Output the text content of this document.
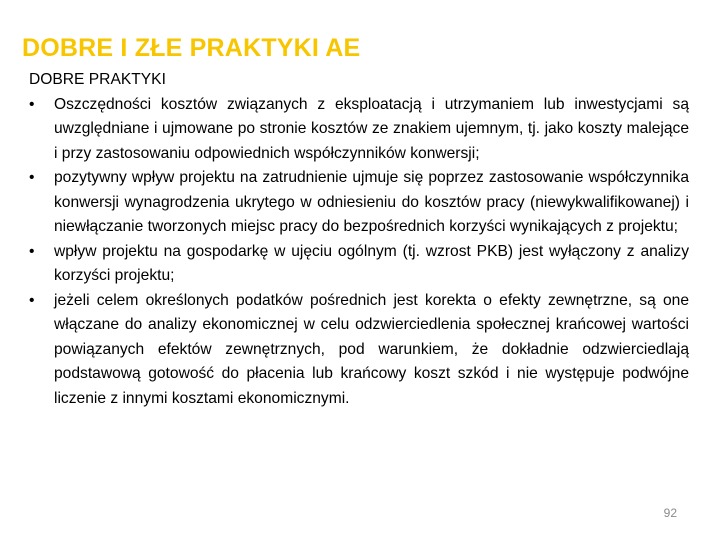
DOBRE I ZŁE PRAKTYKI AE

DOBRE PRAKTYKI

•	Oszczędności kosztów związanych z eksploatacją i utrzymaniem lub inwestycjami są uwzględniane i ujmowane po stronie kosztów ze znakiem ujemnym, tj. jako koszty malejące i przy zastosowaniu odpowiednich współczynników konwersji;
•	pozytywny wpływ projektu na zatrudnienie ujmuje się poprzez zastosowanie współczynnika konwersji wynagrodzenia ukrytego w odniesieniu do kosztów pracy (niewykwalifikowanej) i niewłączanie tworzonych miejsc pracy do bezpośrednich korzyści wynikających z projektu;
•	wpływ projektu na gospodarkę w ujęciu ogólnym (tj. wzrost PKB) jest wyłączony z analizy korzyści projektu;
•	jeżeli celem określonych podatków pośrednich jest korekta o efekty zewnętrzne, są one włączane do analizy ekonomicznej w celu odzwierciedlenia społecznej krańcowej wartości powiązanych efektów zewnętrznych, pod warunkiem, że dokładnie odzwierciedlają podstawową gotowość do płacenia lub krańcowy koszt szkód i nie występuje podwójne liczenie z innymi kosztami ekonomicznymi.
92
